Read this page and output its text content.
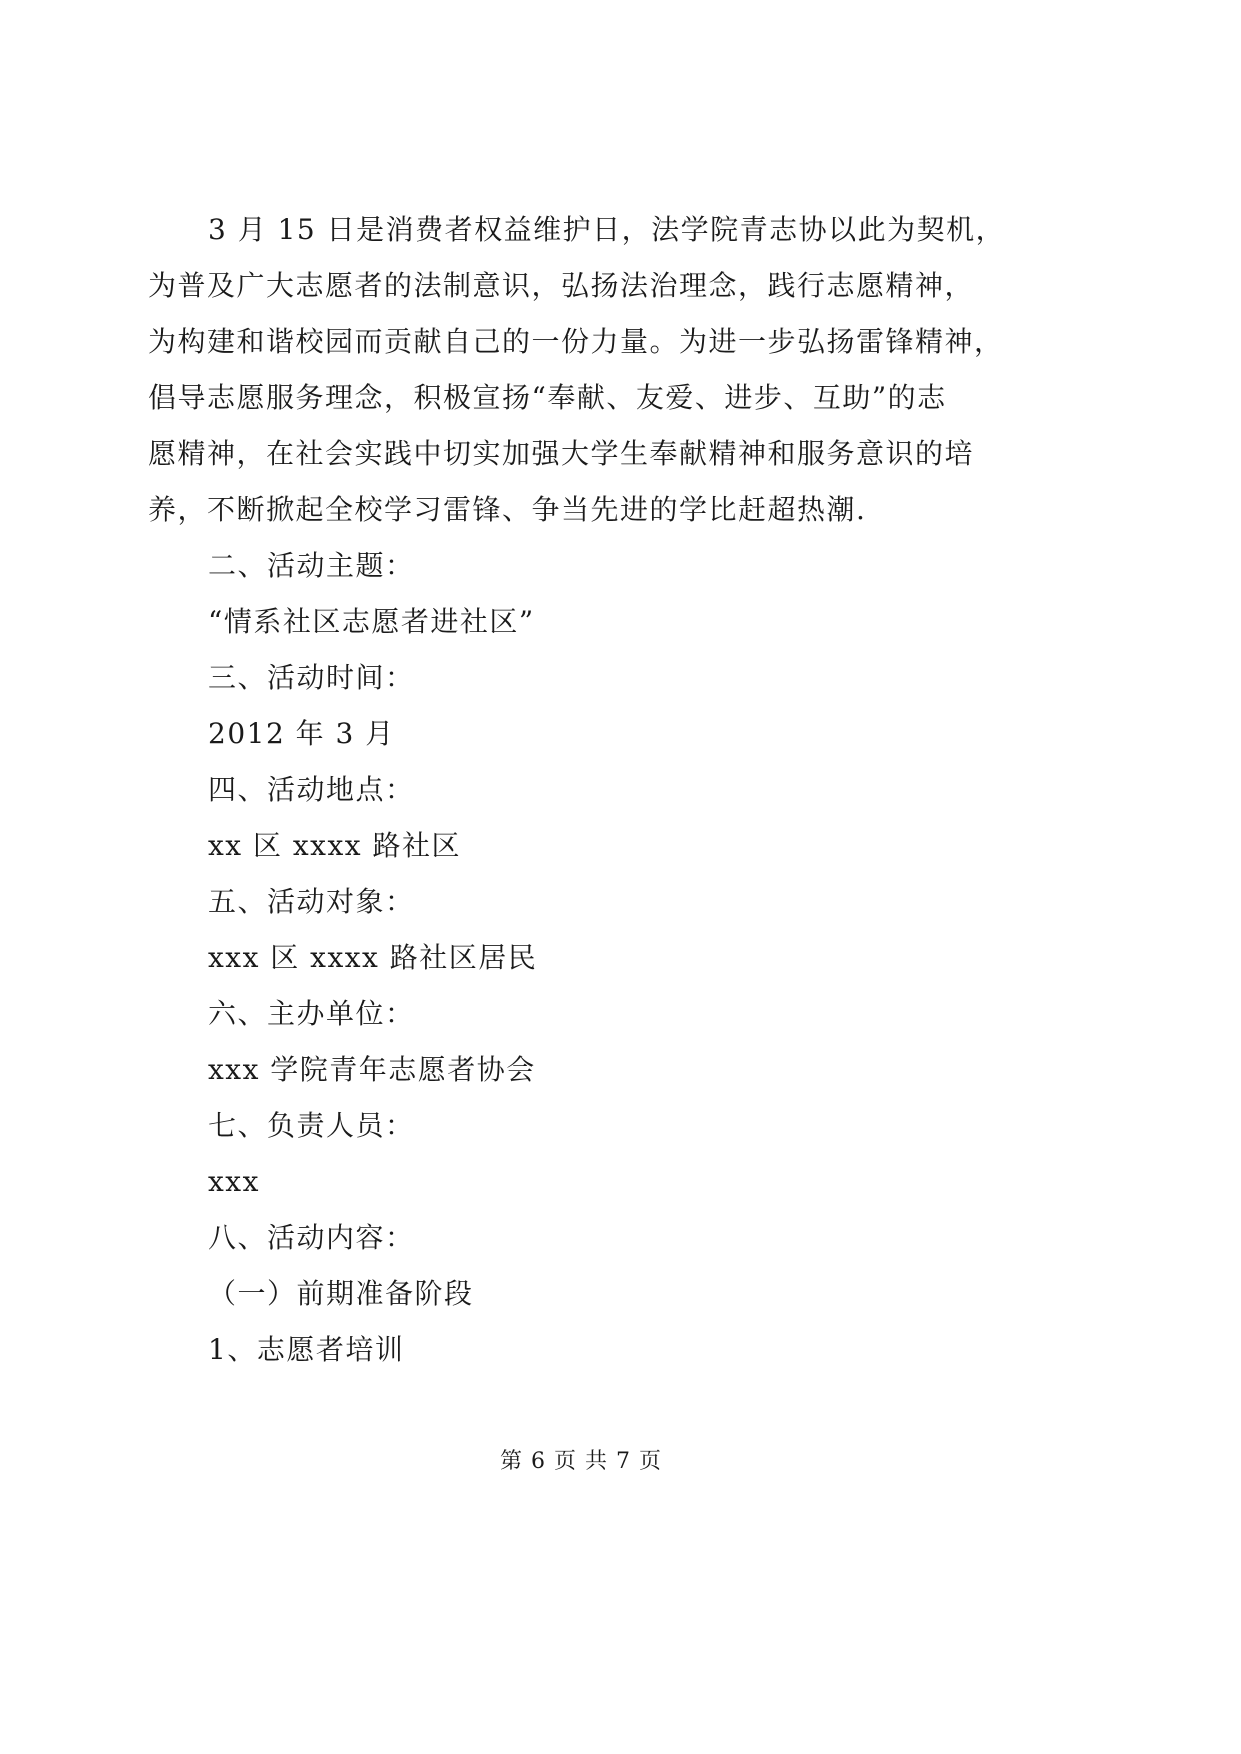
3 月 15 日是消费者权益维护日，法学院青志协以此为契机，
为普及广大志愿者的法制意识，弘扬法治理念，践行志愿精神，
为构建和谐校园而贡献自己的一份力量。为进一步弘扬雷锋精神，
倡导志愿服务理念，积极宣扬“奉献、友爱、进步、互助”的志
愿精神，在社会实践中切实加强大学生奉献精神和服务意识的培
养，不断掀起全校学习雷锋、争当先进的学比赶超热潮.
二、活动主题：
“情系社区志愿者进社区”
三、活动时间：
2012 年 3 月
四、活动地点：
xx 区 xxxx 路社区
五、活动对象：
xxx 区 xxxx 路社区居民
六、主办单位：
xxx 学院青年志愿者协会
七、负责人员：
xxx
八、活动内容：
（一）前期准备阶段
1、志愿者培训
第 6 页 共 7 页
